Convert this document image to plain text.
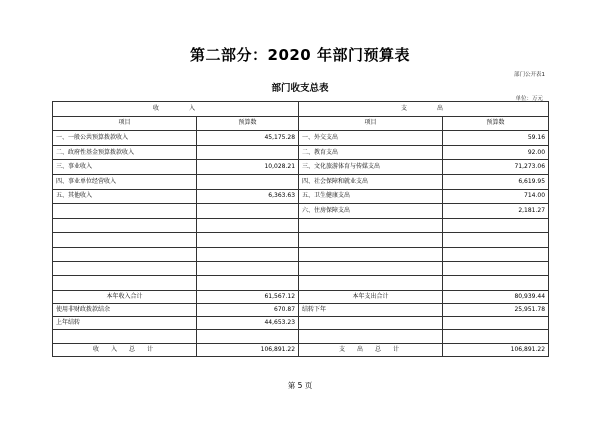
第二部分：2020 年部门预算表
部门公开表1
部门收支总表
单位：万元
收　　　入		支　　　出	
项目	预算数	项目	预算数
一、一般公共预算拨款收入	45,175.28	一、外交支出	59.16
二、政府性基金预算拨款收入		二、教育支出	92.00
三、事业收入	10,028.21	三、文化旅游体育与传媒支出	71,273.06
四、事业单位经营收入		四、社会保障和就业支出	6,619.95
五、其他收入	6,363.63	五、卫生健康支出	714.00
		六、住房保障支出	2,181.27

本年收入合计	61,567.12	本年支出合计	80,939.44
使用非财政拨款结余	670.87	结转下年	25,951.78
上年结转	44,653.23		

收　入　总　计	106,891.22	支　出　总　计	106,891.22
第 5 页
